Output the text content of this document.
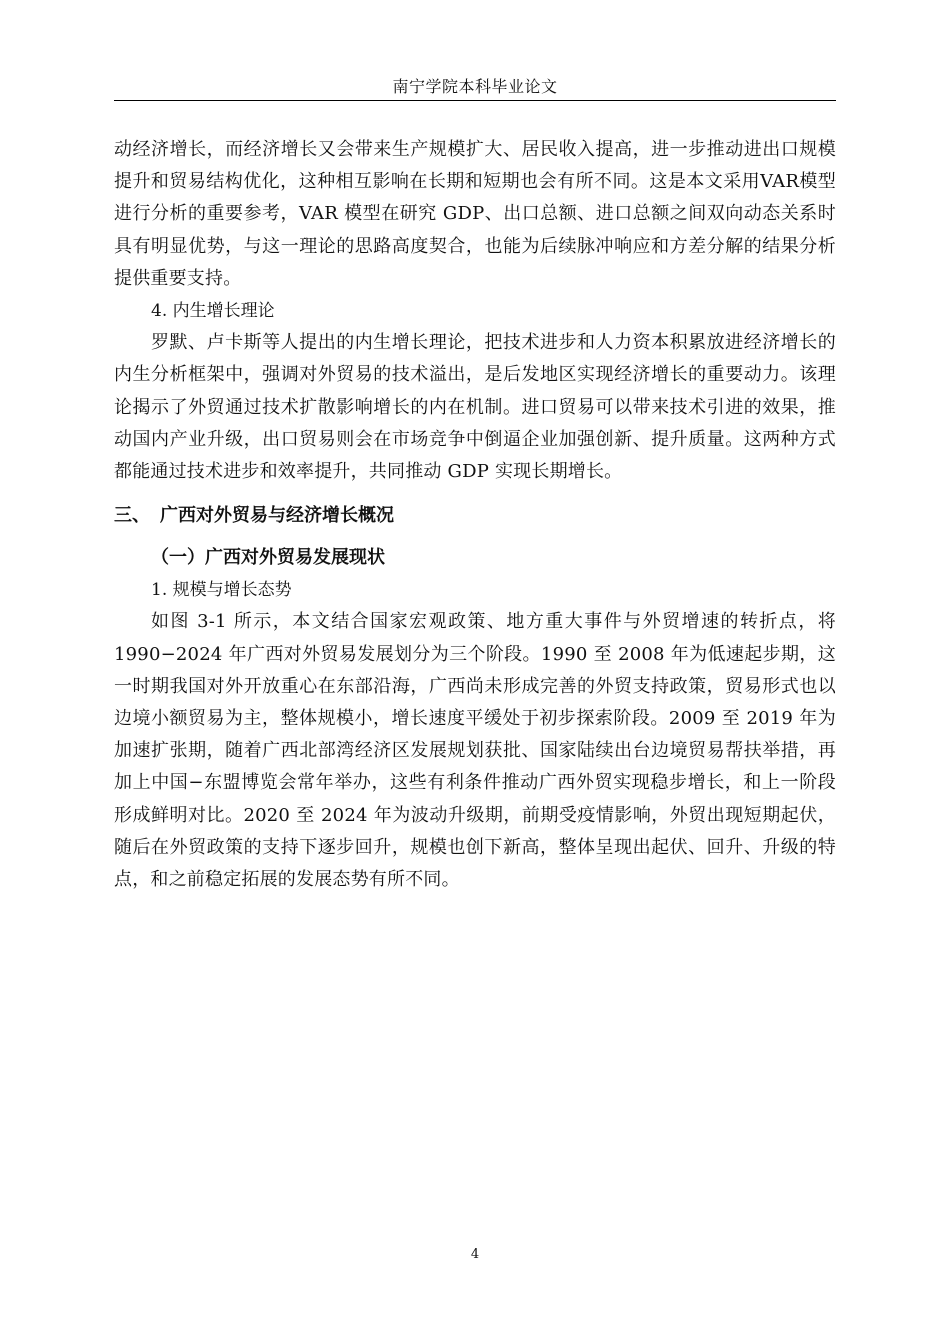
南宁学院本科毕业论文

动经济增长，而经济增长又会带来生产规模扩大、居民收入提高，进一步推动进出口规模提升和贸易结构优化，这种相互影响在长期和短期也会有所不同。这是本文采用VAR模型进行分析的重要参考，VAR 模型在研究 GDP、出口总额、进口总额之间双向动态关系时具有明显优势，与这一理论的思路高度契合，也能为后续脉冲响应和方差分解的结果分析提供重要支持。

4. 内生增长理论

罗默、卢卡斯等人提出的内生增长理论，把技术进步和人力资本积累放进经济增长的内生分析框架中，强调对外贸易的技术溢出，是后发地区实现经济增长的重要动力。该理论揭示了外贸通过技术扩散影响增长的内在机制。进口贸易可以带来技术引进的效果，推动国内产业升级，出口贸易则会在市场竞争中倒逼企业加强创新、提升质量。这两种方式都能通过技术进步和效率提升，共同推动 GDP 实现长期增长。

三、 广西对外贸易与经济增长概况
（一）广西对外贸易发展现状

1. 规模与增长态势

如图 3-1 所示，本文结合国家宏观政策、地方重大事件与外贸增速的转折点，将1990−2024 年广西对外贸易发展划分为三个阶段。1990 至 2008 年为低速起步期，这一时期我国对外开放重心在东部沿海，广西尚未形成完善的外贸支持政策，贸易形式也以边境小额贸易为主，整体规模小，增长速度平缓处于初步探索阶段。2009 至 2019 年为加速扩张期，随着广西北部湾经济区发展规划获批、国家陆续出台边境贸易帮扶举措，再加上中国−东盟博览会常年举办，这些有利条件推动广西外贸实现稳步增长，和上一阶段形成鲜明对比。2020 至 2024 年为波动升级期，前期受疫情影响，外贸出现短期起伏，随后在外贸政策的支持下逐步回升，规模也创下新高，整体呈现出起伏、回升、升级的特点，和之前稳定拓展的发展态势有所不同。

4
